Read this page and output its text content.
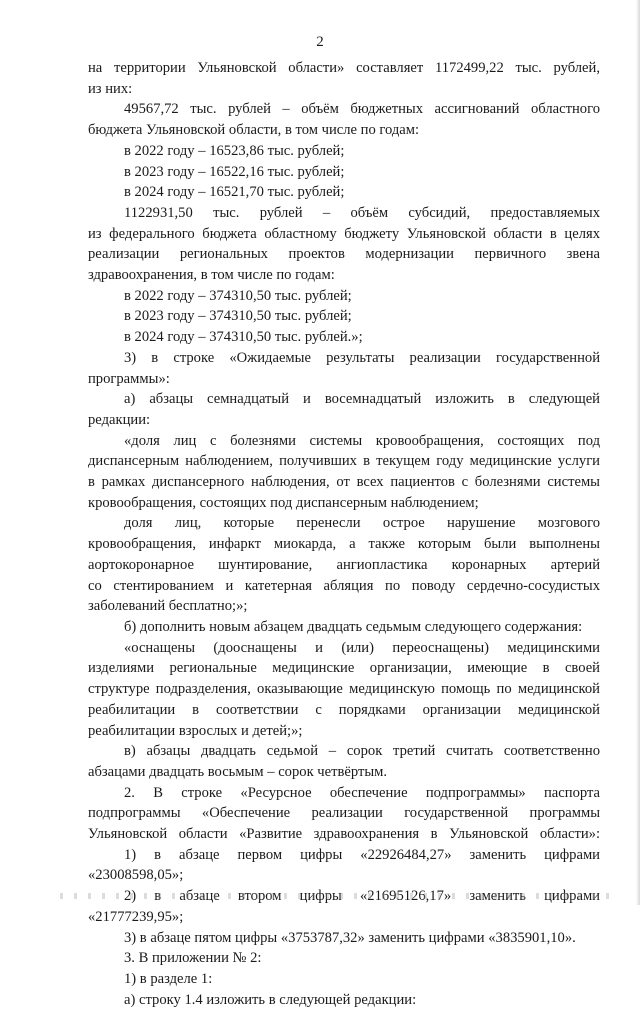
2

на территории Ульяновской области» составляет 1172499,22 тыс. рублей,

из них:

49567,72 тыс. рублей – объём бюджетных ассигнований областного

бюджета Ульяновской области, в том числе по годам:

в 2022 году – 16523,86 тыс. рублей;

в 2023 году – 16522,16 тыс. рублей;

в 2024 году – 16521,70 тыс. рублей;

1122931,50 тыс. рублей – объём субсидий, предоставляемых

из федерального бюджета областному бюджету Ульяновской области в целях

реализации региональных проектов модернизации первичного звена

здравоохранения, в том числе по годам:

в 2022 году – 374310,50 тыс. рублей;

в 2023 году – 374310,50 тыс. рублей;

в 2024 году – 374310,50 тыс. рублей.»;

3) в строке «Ожидаемые результаты реализации государственной

программы»:

а) абзацы семнадцатый и восемнадцатый изложить в следующей

редакции:

«доля лиц с болезнями системы кровообращения, состоящих под

диспансерным наблюдением, получивших в текущем году медицинские услуги

в рамках диспансерного наблюдения, от всех пациентов с болезнями системы

кровообращения, состоящих под диспансерным наблюдением;

доля лиц, которые перенесли острое нарушение мозгового

кровообращения, инфаркт миокарда, а также которым были выполнены

аортокоронарное шунтирование, ангиопластика коронарных артерий

со стентированием и катетерная абляция по поводу сердечно-сосудистых

заболеваний бесплатно;»;

б) дополнить новым абзацем двадцать седьмым следующего содержания:

«оснащены (дооснащены и (или) переоснащены) медицинскими

изделиями региональные медицинские организации, имеющие в своей

структуре подразделения, оказывающие медицинскую помощь по медицинской

реабилитации в соответствии с порядками организации медицинской

реабилитации взрослых и детей;»;

в) абзацы двадцать седьмой – сорок третий считать соответственно

абзацами двадцать восьмым – сорок четвёртым.

2. В строке «Ресурсное обеспечение подпрограммы» паспорта

подпрограммы «Обеспечение реализации государственной программы

Ульяновской области «Развитие здравоохранения в Ульяновской области»:

1) в абзаце первом цифры «22926484,27» заменить цифрами

«23008598,05»;

2) в абзаце втором цифры «21695126,17» заменить цифрами

«21777239,95»;

3) в абзаце пятом цифры «3753787,32» заменить цифрами «3835901,10».

3. В приложении № 2:

1) в разделе 1:

а) строку 1.4 изложить в следующей редакции:
